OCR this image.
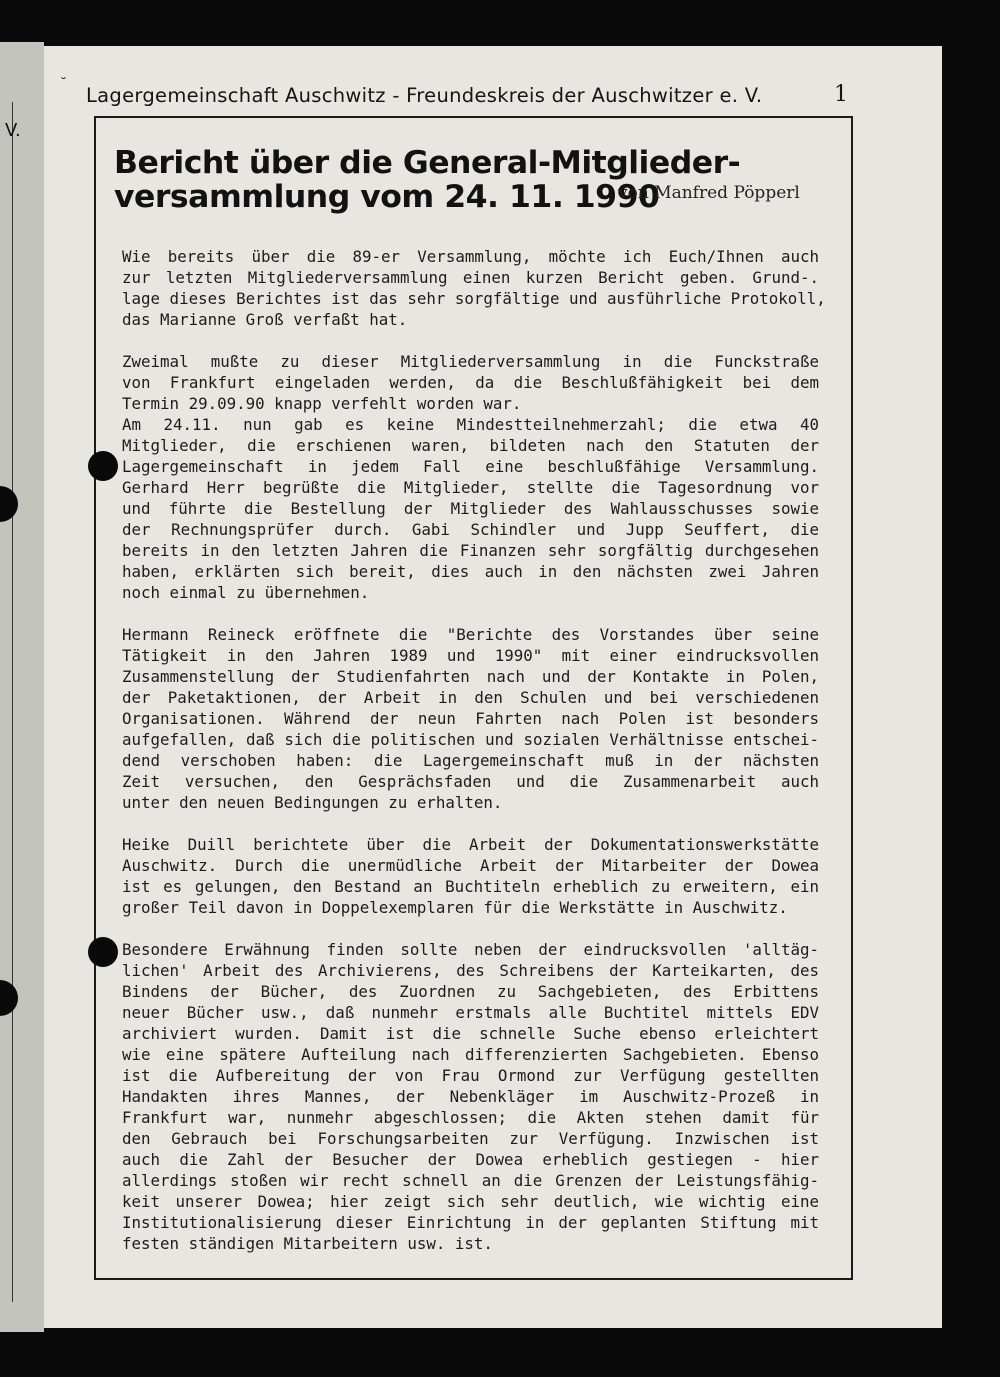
V.
˘ Lagergemeinschaft Auschwitz - Freundeskreis der Auschwitzer e. V.	1
Bericht über die General-Mitglieder-
versammlung vom 24. 11. 1990
von Manfred Pöpperl
Wie bereits über die 89-er Versammlung, möchte ich Euch/Ihnen auch
zur letzten Mitgliederversammlung einen kurzen Bericht geben. Grund-.
lage dieses Berichtes ist das sehr sorgfältige und ausführliche Protokoll,
das Marianne Groß verfaßt hat.
Zweimal mußte zu dieser Mitgliederversammlung in die Funckstraße
von Frankfurt eingeladen werden, da die Beschlußfähigkeit bei dem
Termin 29.09.90 knapp verfehlt worden war.
Am 24.11. nun gab es keine Mindestteilnehmerzahl; die etwa 40
Mitglieder, die erschienen waren, bildeten nach den Statuten der
Lagergemeinschaft in jedem Fall eine beschlußfähige Versammlung.
Gerhard Herr begrüßte die Mitglieder, stellte die Tagesordnung vor
und führte die Bestellung der Mitglieder des Wahlausschusses sowie
der Rechnungsprüfer durch. Gabi Schindler und Jupp Seuffert, die
bereits in den letzten Jahren die Finanzen sehr sorgfältig durchgesehen
haben, erklärten sich bereit, dies auch in den nächsten zwei Jahren
noch einmal zu übernehmen.
Hermann Reineck eröffnete die "Berichte des Vorstandes über seine
Tätigkeit in den Jahren 1989 und 1990" mit einer eindrucksvollen
Zusammenstellung der Studienfahrten nach und der Kontakte in Polen,
der Paketaktionen, der Arbeit in den Schulen und bei verschiedenen
Organisationen. Während der neun Fahrten nach Polen ist besonders
aufgefallen, daß sich die politischen und sozialen Verhältnisse entschei-
dend verschoben haben: die Lagergemeinschaft muß in der nächsten
Zeit versuchen, den Gesprächsfaden und die Zusammenarbeit auch
unter den neuen Bedingungen zu erhalten.
Heike Duill berichtete über die Arbeit der Dokumentationswerkstätte
Auschwitz. Durch die unermüdliche Arbeit der Mitarbeiter der Dowea
ist es gelungen, den Bestand an Buchtiteln erheblich zu erweitern, ein
großer Teil davon in Doppelexemplaren für die Werkstätte in Auschwitz.
Besondere Erwähnung finden sollte neben der eindrucksvollen 'alltäg-
lichen' Arbeit des Archivierens, des Schreibens der Karteikarten, des
Bindens der Bücher, des Zuordnen zu Sachgebieten, des Erbittens
neuer Bücher usw., daß nunmehr erstmals alle Buchtitel mittels EDV
archiviert wurden. Damit ist die schnelle Suche ebenso erleichtert
wie eine spätere Aufteilung nach differenzierten Sachgebieten. Ebenso
ist die Aufbereitung der von Frau Ormond zur Verfügung gestellten
Handakten ihres Mannes, der Nebenkläger im Auschwitz-Prozeß in
Frankfurt war, nunmehr abgeschlossen; die Akten stehen damit für
den Gebrauch bei Forschungsarbeiten zur Verfügung. Inzwischen ist
auch die Zahl der Besucher der Dowea erheblich gestiegen - hier
allerdings stoßen wir recht schnell an die Grenzen der Leistungsfähig-
keit unserer Dowea; hier zeigt sich sehr deutlich, wie wichtig eine
Institutionalisierung dieser Einrichtung in der geplanten Stiftung mit
festen ständigen Mitarbeitern usw. ist.
